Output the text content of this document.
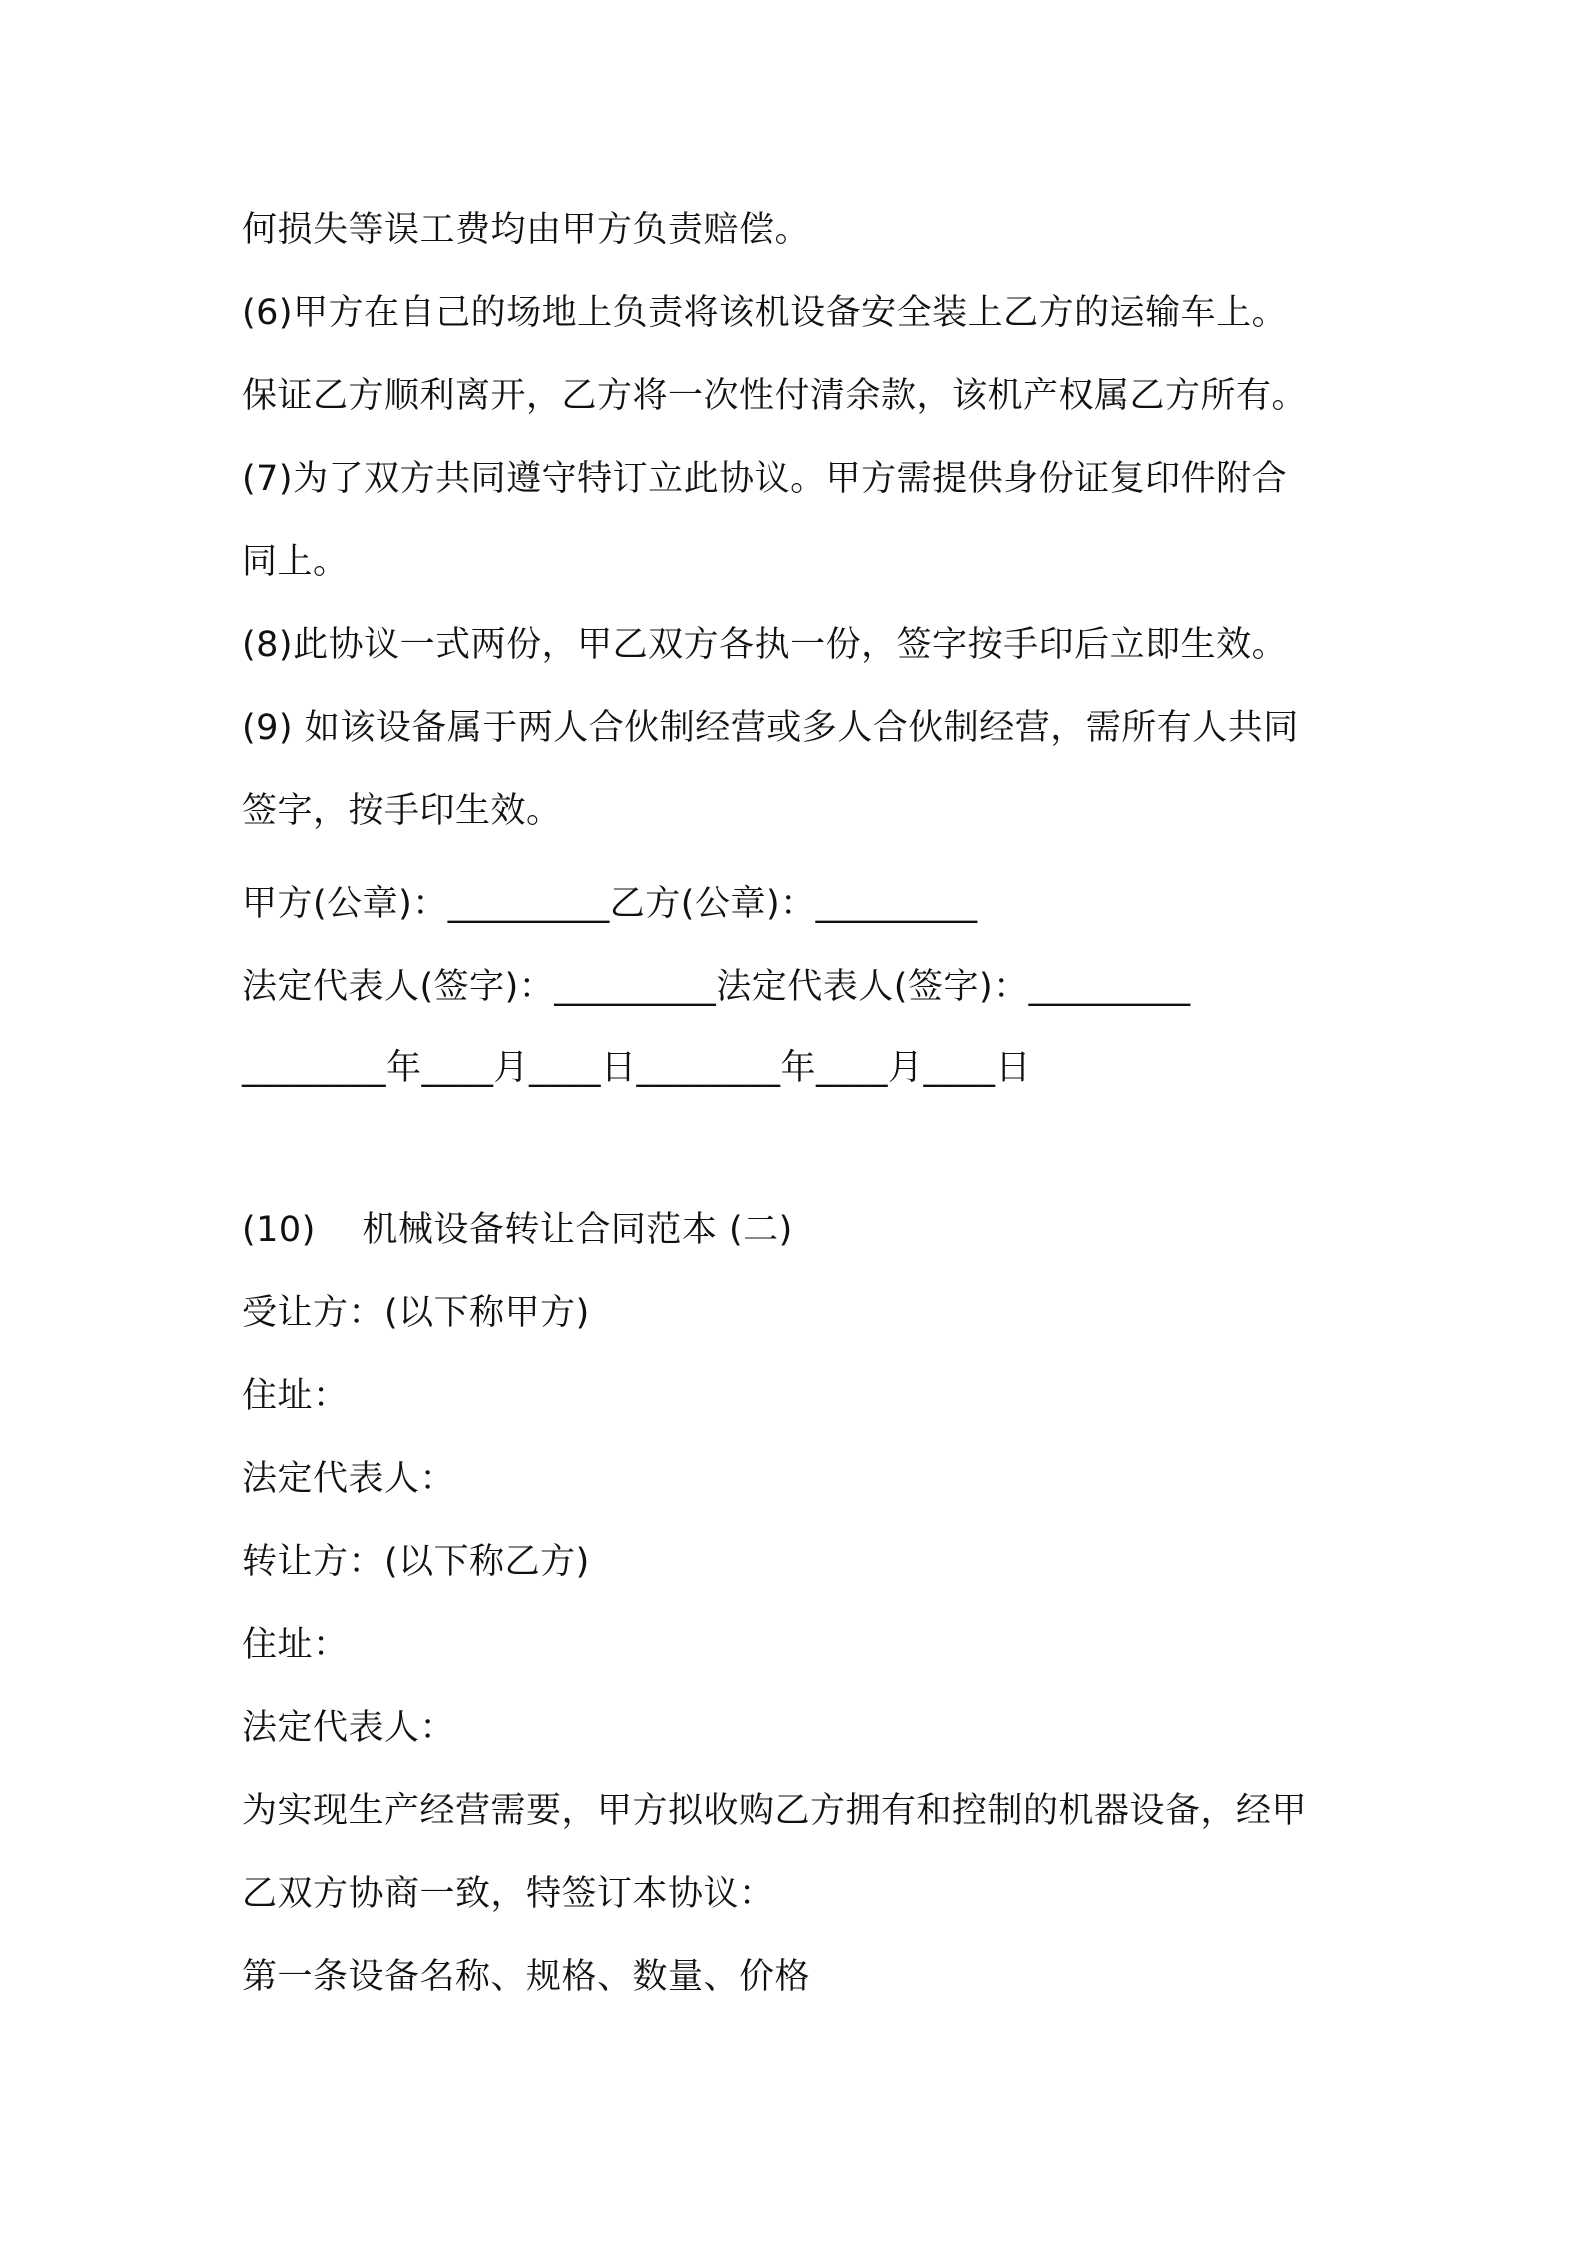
何损失等误工费均由甲方负责赔偿。
(6)甲方在自己的场地上负责将该机设备安全装上乙方的运输车上。
保证乙方顺利离开，乙方将一次性付清余款，该机产权属乙方所有。
(7)为了双方共同遵守特订立此协议。甲方需提供身份证复印件附合
同上。
(8)此协议一式两份，甲乙双方各执一份，签字按手印后立即生效。
(9) 如该设备属于两人合伙制经营或多人合伙制经营，需所有人共同
签字，按手印生效。
甲方(公章)：_________乙方(公章)：_________
法定代表人(签字)：_________法定代表人(签字)：_________
________年____月____日________年____月____日
(10)    机械设备转让合同范本 (二)
受让方：(以下称甲方)
住址：
法定代表人：
转让方：(以下称乙方)
住址：
法定代表人：
为实现生产经营需要，甲方拟收购乙方拥有和控制的机器设备，经甲
乙双方协商一致，特签订本协议：
第一条设备名称、规格、数量、价格
